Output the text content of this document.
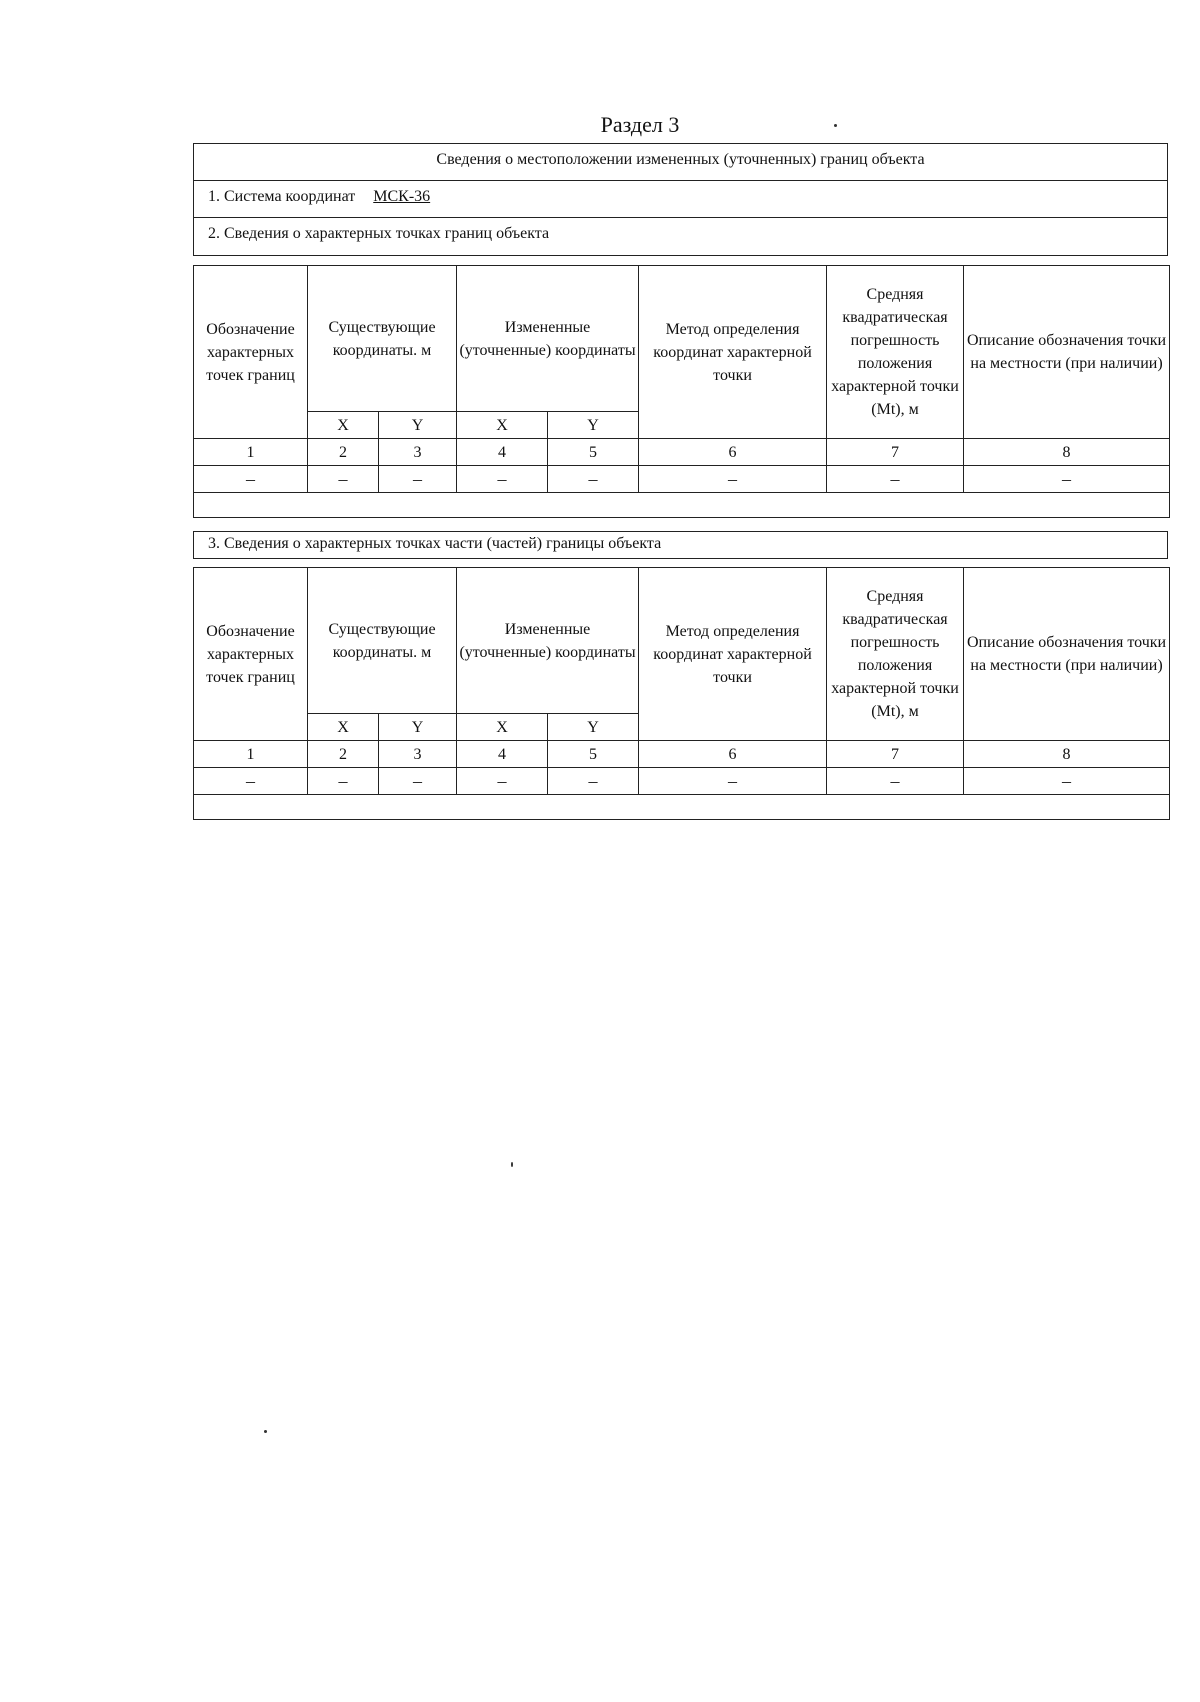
Раздел 3
Сведения о местоположении измененных (уточненных) границ объекта
1. Система координат МСК-36
2. Сведения о характерных точках границ объекта
Обозначение характерных точек границ	Существующие координаты. м		Измененные (уточненные) координаты		Метод определения координат характерной точки	Средняя квадратическая погрешность положения характерной точки (Mt), м	Описание обозначения точки на местности (при наличии)
	X	Y	X	Y			
1	2	3	4	5	6	7	8
–	–	–	–	–	–	–	–

3. Сведения о характерных точках части (частей) границы объекта
Обозначение характерных точек границ	Существующие координаты. м		Измененные (уточненные) координаты		Метод определения координат характерной точки	Средняя квадратическая погрешность положения характерной точки (Mt), м	Описание обозначения точки на местности (при наличии)
	X	Y	X	Y			
1	2	3	4	5	6	7	8
–	–	–	–	–	–	–	–
